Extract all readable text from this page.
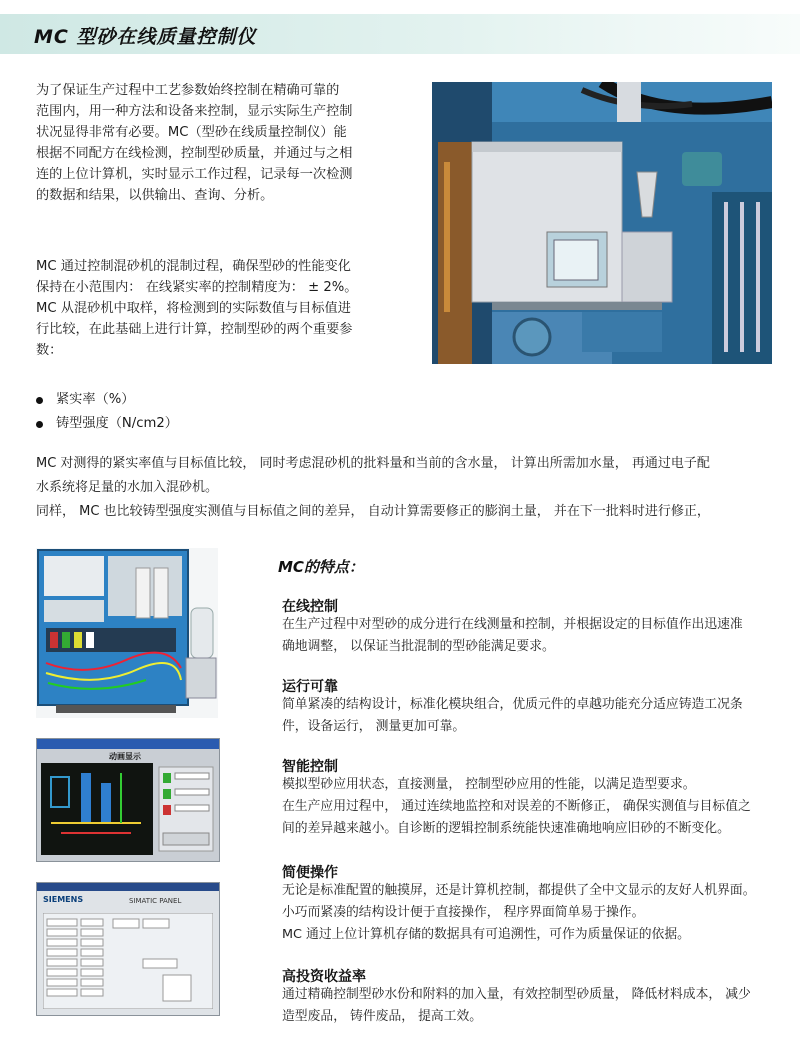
MC 型砂在线质量控制仪

为了保证生产过程中工艺参数始终控制在精确可靠的
范围内，用一种方法和设备来控制，显示实际生产控制
状况显得非常有必要。MC（型砂在线质量控制仪）能
根据不同配方在线检测，控制型砂质量，并通过与之相
连的上位计算机，实时显示工作过程，记录每一次检测
的数据和结果，以供输出、查询、分析。

MC 通过控制混砂机的混制过程，确保型砂的性能变化
保持在小范围内： 在线紧实率的控制精度为： ± 2%。
MC 从混砂机中取样，将检测到的实际数值与目标值进
行比较，在此基础上进行计算，控制型砂的两个重要参
数：

紧实率（%）
铸型强度（N/cm2）

MC 对测得的紧实率值与目标值比较， 同时考虑混砂机的批料量和当前的含水量， 计算出所需加水量， 再通过电子配
水系统将足量的水加入混砂机。
同样， MC 也比较铸型强度实测值与目标值之间的差异， 自动计算需要修正的膨润土量， 并在下一批料时进行修正，

动画显示
SIEMENS	SIMATIC PANEL
MC的特点：
在线控制

在生产过程中对型砂的成分进行在线测量和控制，并根据设定的目标值作出迅速准
确地调整， 以保证当批混制的型砂能满足要求。

运行可靠

简单紧凑的结构设计，标准化模块组合，优质元件的卓越功能充分适应铸造工况条
件，设备运行， 测量更加可靠。

智能控制

模拟型砂应用状态，直接测量， 控制型砂应用的性能，以满足造型要求。
在生产应用过程中， 通过连续地监控和对误差的不断修正， 确保实测值与目标值之
间的差异越来越小。自诊断的逻辑控制系统能快速准确地响应旧砂的不断变化。

简便操作

无论是标准配置的触摸屏，还是计算机控制，都提供了全中文显示的友好人机界面。
小巧而紧凑的结构设计便于直接操作， 程序界面简单易于操作。
MC 通过上位计算机存储的数据具有可追溯性，可作为质量保证的依据。

高投资收益率

通过精确控制型砂水份和附料的加入量，有效控制型砂质量， 降低材料成本， 减少
造型废品， 铸件废品， 提高工效。
